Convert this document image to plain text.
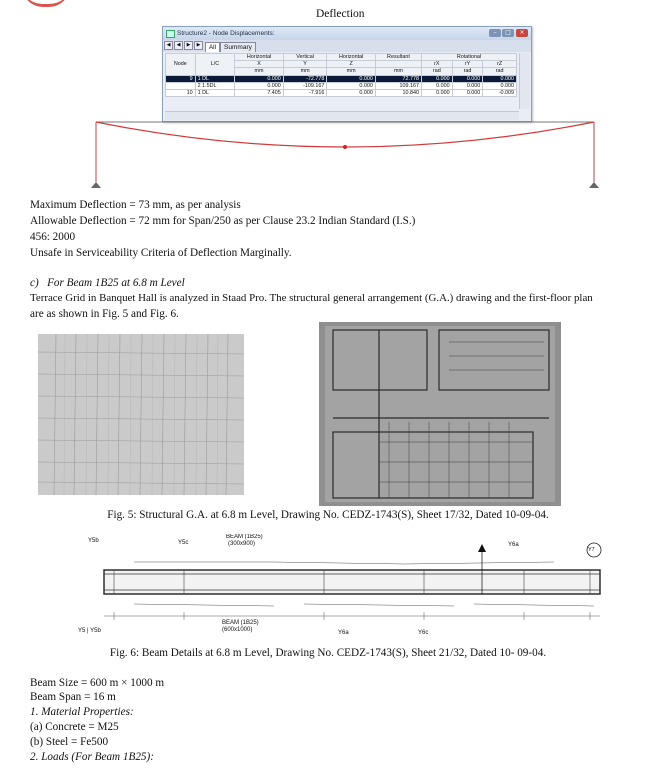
Deflection
Structure2 - Node Displacements:	–	□	×
◀ ◀ ▶ ▶ All Summary
Node	L/C	Horizontal	Vertical	Horizontal	Resultant	Rotational		
		X	Y	Z		rX	rY	rZ
		mm	mm	mm	mm	rad	rad	rad
9	1 DL	0.000	-72.778	0.000	72.778	0.000	0.000	0.000
	2 1.5DL	0.000	-109.167	0.000	109.167	0.000	0.000	0.000
10	1 DL	7.405	-7.916	0.000	10.840	0.000	0.000	-0.009
Maximum Deflection = 73 mm, as per analysis
Allowable Deflection = 72 mm for Span/250 as per Clause 23.2 Indian Standard (I.S.)
456: 2000
Unsafe in Serviceability Criteria of Deflection Marginally.
c)   For Beam 1B25 at 6.8 m Level
Terrace Grid in Banquet Hall is analyzed in Staad Pro. The structural general arrangement (G.A.) drawing and the first-floor plan
are as shown in Fig. 5 and Fig. 6.
Fig. 5: Structural G.A. at 6.8 m Level, Drawing No. CEDZ-1743(S), Sheet 17/32, Dated 10-09-04.
Y5b
Y5 | Y5b
Y5c
BEAM (1B25)
(300x900)
BEAM (1B25)
(600x1000)
Y6a
Y7
Y6a	Y6c
Fig. 6: Beam Details at 6.8 m Level, Drawing No. CEDZ-1743(S), Sheet 21/32, Dated 10- 09-04.
Beam Size = 600 m × 1000 m
Beam Span = 16 m
1. Material Properties:
(a) Concrete = M25
(b) Steel = Fe500
2. Loads (For Beam 1B25):
